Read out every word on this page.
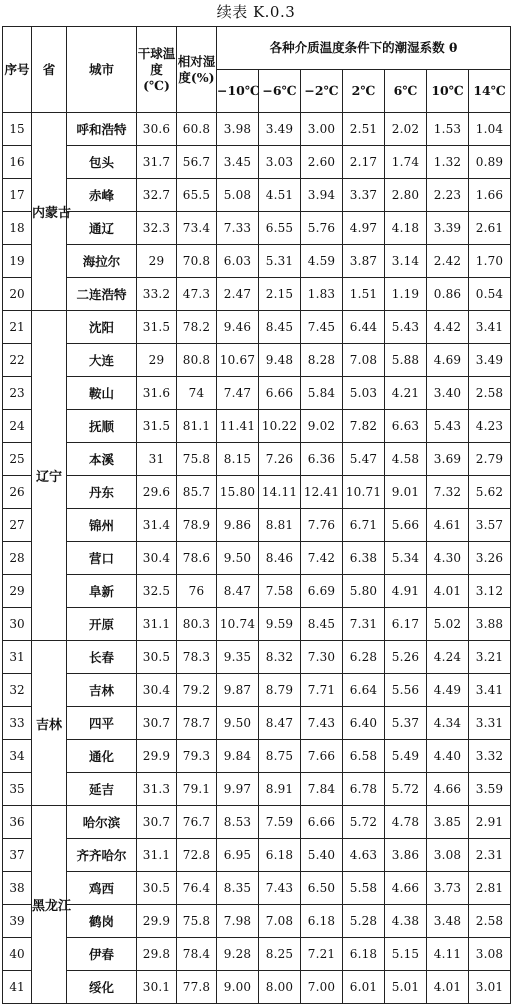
续表 K.0.3
序号	省	城市	干球温度(℃)	相对湿度(%)	各种介质温度条件下的潮湿系数 θ						
					−10℃	−6℃	−2℃	2℃	6℃	10℃	14℃
15	内蒙古	呼和浩特	30.6	60.8	3.98	3.49	3.00	2.51	2.02	1.53	1.04
16		包头	31.7	56.7	3.45	3.03	2.60	2.17	1.74	1.32	0.89
17		赤峰	32.7	65.5	5.08	4.51	3.94	3.37	2.80	2.23	1.66
18		通辽	32.3	73.4	7.33	6.55	5.76	4.97	4.18	3.39	2.61
19		海拉尔	29	70.8	6.03	5.31	4.59	3.87	3.14	2.42	1.70
20		二连浩特	33.2	47.3	2.47	2.15	1.83	1.51	1.19	0.86	0.54
21	辽宁	沈阳	31.5	78.2	9.46	8.45	7.45	6.44	5.43	4.42	3.41
22		大连	29	80.8	10.67	9.48	8.28	7.08	5.88	4.69	3.49
23		鞍山	31.6	74	7.47	6.66	5.84	5.03	4.21	3.40	2.58
24		抚顺	31.5	81.1	11.41	10.22	9.02	7.82	6.63	5.43	4.23
25		本溪	31	75.8	8.15	7.26	6.36	5.47	4.58	3.69	2.79
26		丹东	29.6	85.7	15.80	14.11	12.41	10.71	9.01	7.32	5.62
27		锦州	31.4	78.9	9.86	8.81	7.76	6.71	5.66	4.61	3.57
28		营口	30.4	78.6	9.50	8.46	7.42	6.38	5.34	4.30	3.26
29		阜新	32.5	76	8.47	7.58	6.69	5.80	4.91	4.01	3.12
30		开原	31.1	80.3	10.74	9.59	8.45	7.31	6.17	5.02	3.88
31	吉林	长春	30.5	78.3	9.35	8.32	7.30	6.28	5.26	4.24	3.21
32		吉林	30.4	79.2	9.87	8.79	7.71	6.64	5.56	4.49	3.41
33		四平	30.7	78.7	9.50	8.47	7.43	6.40	5.37	4.34	3.31
34		通化	29.9	79.3	9.84	8.75	7.66	6.58	5.49	4.40	3.32
35		延吉	31.3	79.1	9.97	8.91	7.84	6.78	5.72	4.66	3.59
36	黑龙江	哈尔滨	30.7	76.7	8.53	7.59	6.66	5.72	4.78	3.85	2.91
37		齐齐哈尔	31.1	72.8	6.95	6.18	5.40	4.63	3.86	3.08	2.31
38		鸡西	30.5	76.4	8.35	7.43	6.50	5.58	4.66	3.73	2.81
39		鹤岗	29.9	75.8	7.98	7.08	6.18	5.28	4.38	3.48	2.58
40		伊春	29.8	78.4	9.28	8.25	7.21	6.18	5.15	4.11	3.08
41		绥化	30.1	77.8	9.00	8.00	7.00	6.01	5.01	4.01	3.01
